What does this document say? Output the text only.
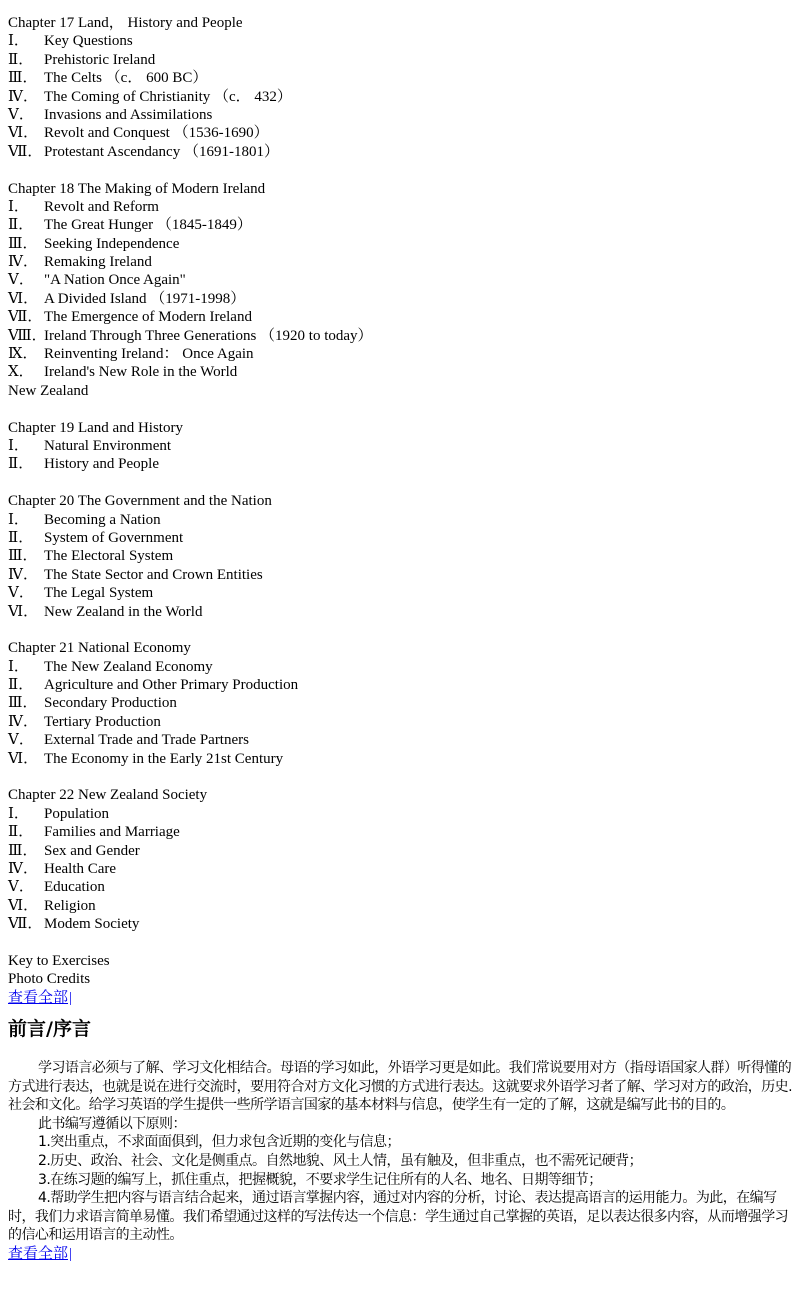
Chapter 17 Land， History and People
Ⅰ． Key Questions
Ⅱ． Prehistoric Ireland
Ⅲ． The Celts （c． 600 BC）
Ⅳ． The Coming of Christianity （c． 432）
Ⅴ． Invasions and Assimilations
Ⅵ． Revolt and Conquest （1536-1690）
Ⅶ． Protestant Ascendancy （1691-1801）
Chapter 18 The Making of Modern Ireland
Ⅰ． Revolt and Reform
Ⅱ． The Great Hunger （1845-1849）
Ⅲ． Seeking Independence
Ⅳ． Remaking Ireland
Ⅴ． "A Nation Once Again"
Ⅵ． A Divided Island （1971-1998）
Ⅶ． The Emergence of Modern Ireland
Ⅷ．Ireland Through Three Generations （1920 to today）
Ⅸ． Reinventing Ireland： Once Again
Ⅹ． Ireland's New Role in the World
New Zealand
Chapter 19 Land and History
Ⅰ． Natural Environment
Ⅱ． History and People
Chapter 20 The Government and the Nation
Ⅰ． Becoming a Nation
Ⅱ． System of Government
Ⅲ． The Electoral System
Ⅳ． The State Sector and Crown Entities
Ⅴ． The Legal System
Ⅵ． New Zealand in the World
Chapter 21 National Economy
Ⅰ． The New Zealand Economy
Ⅱ． Agriculture and Other Primary Production
Ⅲ． Secondary Production
Ⅳ． Tertiary Production
Ⅴ． External Trade and Trade Partners
Ⅵ． The Economy in the Early 21st Century
Chapter 22 New Zealand Society
Ⅰ． Population
Ⅱ． Families and Marriage
Ⅲ． Sex and Gender
Ⅳ． Health Care
Ⅴ． Education
Ⅵ． Religion
Ⅶ． Modem Society
Key to Exercises
Photo Credits
查看全部|
前言/序言

学习语言必须与了解、学习文化相结合。母语的学习如此，外语学习更是如此。我们常说要用对方（指母语国家人群）听得懂的方式进行表达，也就是说在进行交流时，要用符合对方文化习惯的方式进行表达。这就要求外语学习者了解、学习对方的政治，历史.社会和文化。给学习英语的学生提供一些所学语言国家的基本材料与信息，使学生有一定的了解，这就是编写此书的目的。

此书编写遵循以下原则：

1.突出重点，不求面面俱到，但力求包含近期的变化与信息；

2.历史、政治、社会、文化是侧重点。自然地貌、风土人情，虽有触及，但非重点，也不需死记硬背；

3.在练习题的编写上，抓住重点，把握概貌，不要求学生记住所有的人名、地名、日期等细节；

4.帮助学生把内容与语言结合起来，通过语言掌握内容，通过对内容的分析，讨论、表达提高语言的运用能力。为此，在编写时，我们力求语言简单易懂。我们希望通过这样的写法传达一个信息：学生通过自己掌握的英语，足以表达很多内容，从而增强学习的信心和运用语言的主动性。

查看全部|
